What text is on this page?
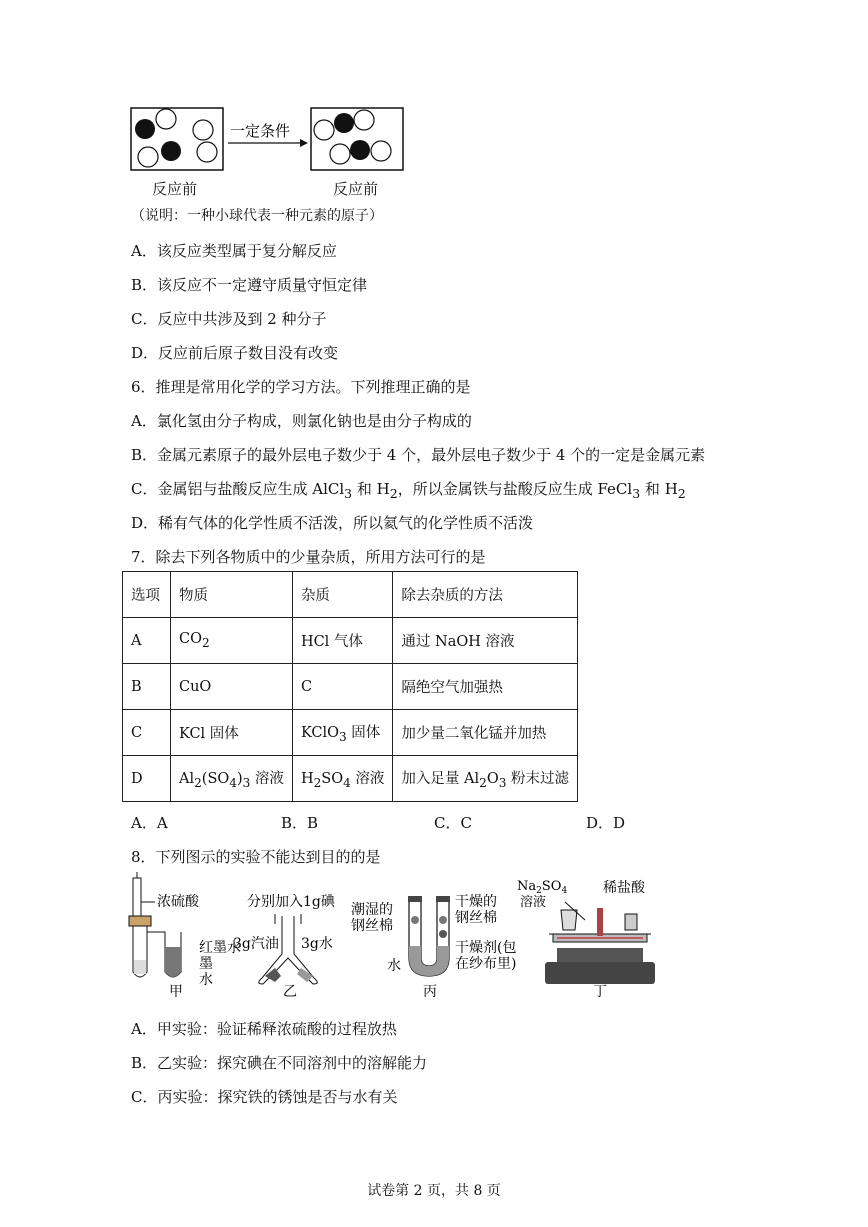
一定条件
反应前	反应前
（说明：一种小球代表一种元素的原子）
A．该反应类型属于复分解反应
B．该反应不一定遵守质量守恒定律
C．反应中共涉及到 2 种分子
D．反应前后原子数目没有改变
6．推理是常用化学的学习方法。下列推理正确的是
A．氯化氢由分子构成，则氯化钠也是由分子构成的
B．金属元素原子的最外层电子数少于 4 个，最外层电子数少于 4 个的一定是金属元素
C．金属铝与盐酸反应生成 AlCl$_3$ 和 $H_2$，所以金属铁与盐酸反应生成 FeCl$_3$ 和 $H_2$
D．稀有气体的化学性质不活泼，所以氦气的化学性质不活泼
7．除去下列各物质中的少量杂质，所用方法可行的是
选项	物质	杂质	除去杂质的方法
A	$CO_2$	HCl 气体	通过 NaOH 溶液
B	CuO	C	隔绝空气加强热
C	KCl 固体	KClO$_3$ 固体	加少量二氧化锰并加热
D	$Al_2(SO_4)_3$ 溶液	$H_2SO_4$ 溶液	加入足量 $Al_2O_3$ 粉末过滤
A．A	B．B	C．C	D．D
8．下列图示的实验不能达到目的的是
浓硫酸
红墨水
墨
水
甲
分别加入1g碘
3g汽油 3g水
乙
潮湿的
钢丝棉
干燥的
钢丝棉
干燥剂(包
在纱布里)
水
丙
$Na_2SO_4$
溶液
稀盐酸
丁
A．甲实验：验证稀释浓硫酸的过程放热
B．乙实验：探究碘在不同溶剂中的溶解能力
C．丙实验：探究铁的锈蚀是否与水有关
试卷第 2 页，共 8 页
